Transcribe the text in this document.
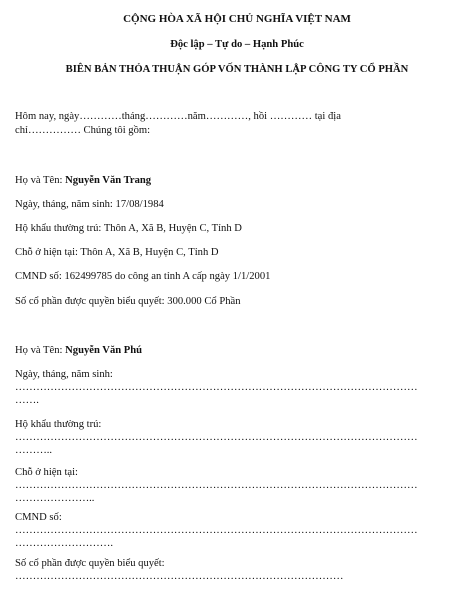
CỘNG HÒA XÃ HỘI CHỦ NGHĨA VIỆT NAM
Độc lập – Tự do – Hạnh Phúc
BIÊN BẢN THỎA THUẬN GÓP VỐN THÀNH LẬP CÔNG TY CỔ PHẦN
Hôm nay, ngày…………tháng…………năm…………, hồi ………… tại địa
chỉ…………… Chúng tôi gồm:
Họ và Tên: Nguyễn Văn Trang
Ngày, tháng, năm sinh: 17/08/1984
Hộ khẩu thường trú: Thôn A, Xã B, Huyện C, Tỉnh D
Chỗ ở hiện tại: Thôn A, Xã B, Huyện C, Tỉnh D
CMND số: 162499785 do công an tỉnh A cấp ngày 1/1/2001
Số cổ phần được quyền biểu quyết: 300.000 Cổ Phần
Họ và Tên: Nguyễn Văn Phú
Ngày, tháng, năm sinh:
……………………………………………………………………………………………………
…….
Hộ khẩu thường trú:
……………………………………………………………………………………………………
………..
Chỗ ở hiện tại:
……………………………………………………………………………………………………
…………………..
CMND số:
……………………………………………………………………………………………………
……………………….
Số cổ phần được quyền biểu quyết:
…………………………………………………………………………………
